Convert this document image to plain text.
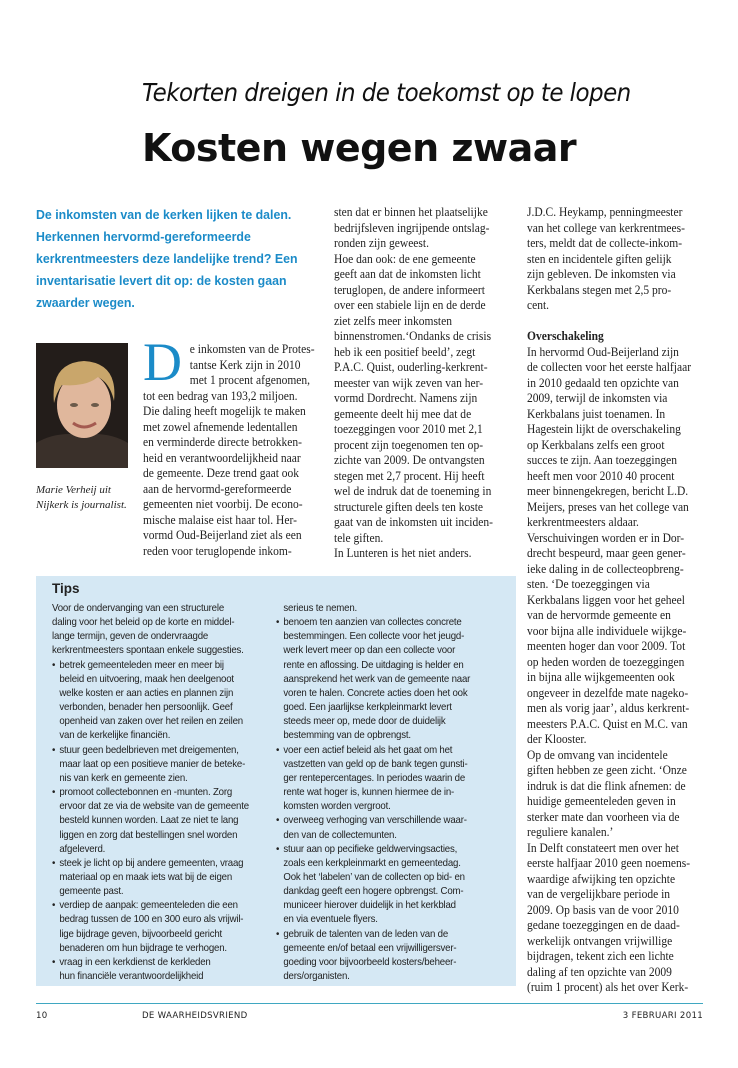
Tekorten dreigen in de toekomst op te lopen
Kosten wegen zwaar
De inkomsten van de kerken lijken te dalen.
Herkennen hervormd-gereformeerde
kerkrentmeesters deze landelijke trend? Een
inventarisatie levert dit op: de kosten gaan
zwaarder wegen.
Marie Verheij uit
Nijkerk is journalist.
D e inkomsten van de Protes-
tantse Kerk zijn in 2010
met 1 procent afgenomen,
tot een bedrag van 193,2 miljoen.
Die daling heeft mogelijk te maken
met zowel afnemende ledentallen
en verminderde directe betrokken-
heid en verantwoordelijkheid naar
de gemeente. Deze trend gaat ook
aan de hervormd-gereformeerde
gemeenten niet voorbij. De econo-
mische malaise eist haar tol. Her-
vormd Oud-Beijerland ziet als een
reden voor teruglopende inkom-
sten dat er binnen het plaatselijke
bedrijfsleven ingrijpende ontslag-
ronden zijn geweest.
Hoe dan ook: de ene gemeente
geeft aan dat de inkomsten licht
teruglopen, de andere informeert
over een stabiele lijn en de derde
ziet zelfs meer inkomsten
binnenstromen.‘Ondanks de crisis
heb ik een positief beeld’, zegt
P.A.C. Quist, ouderling-kerkrent-
meester van wijk zeven van her-
vormd Dordrecht. Namens zijn
gemeente deelt hij mee dat de
toezeggingen voor 2010 met 2,1
procent zijn toegenomen ten op-
zichte van 2009. De ontvangsten
stegen met 2,7 procent. Hij heeft
wel de indruk dat de toeneming in
structurele giften deels ten koste
gaat van de inkomsten uit inciden-
tele giften.
In Lunteren is het niet anders.
J.D.C. Heykamp, penningmeester
van het college van kerkrentmees-
ters, meldt dat de collecte-inkom-
sten en incidentele giften gelijk
zijn gebleven. De inkomsten via
Kerkbalans stegen met 2,5 pro-
cent.
Overschakeling
In hervormd Oud-Beijerland zijn
de collecten voor het eerste halfjaar
in 2010 gedaald ten opzichte van
2009, terwijl de inkomsten via
Kerkbalans juist toenamen. In
Hagestein lijkt de overschakeling
op Kerkbalans zelfs een groot
succes te zijn. Aan toezeggingen
heeft men voor 2010 40 procent
meer binnengekregen, bericht L.D.
Meijers, preses van het college van
kerkrentmeesters aldaar.
Verschuivingen worden er in Dor-
drecht bespeurd, maar geen gener-
ieke daling in de collecteopbreng-
sten. ‘De toezeggingen via
Kerkbalans liggen voor het geheel
van de hervormde gemeente en
voor bijna alle individuele wijkge-
meenten hoger dan voor 2009. Tot
op heden worden de toezeggingen
in bijna alle wijkgemeenten ook
ongeveer in dezelfde mate nageko-
men als vorig jaar’, aldus kerkrent-
meesters P.A.C. Quist en M.C. van
der Klooster.
Op de omvang van incidentele
giften hebben ze geen zicht. ‘Onze
indruk is dat die flink afnemen: de
huidige gemeenteleden geven in
sterker mate dan voorheen via de
reguliere kanalen.’
In Delft constateert men over het
eerste halfjaar 2010 geen noemens-
waardige afwijking ten opzichte
van de vergelijkbare periode in
2009. Op basis van de voor 2010
gedane toezeggingen en de daad-
werkelijk ontvangen vrijwillige
bijdragen, tekent zich een lichte
daling af ten opzichte van 2009
(ruim 1 procent) als het over Kerk-
Tips
Voor de ondervanging van een structurele
daling voor het beleid op de korte en middel-
lange termijn, geven de ondervraagde
kerkrentmeesters spontaan enkele suggesties.
• betrek gemeenteleden meer en meer bij
beleid en uitvoering, maak hen deelgenoot
welke kosten er aan acties en plannen zijn
verbonden, benader hen persoonlijk. Geef
openheid van zaken over het reilen en zeilen
van de kerkelijke financiën.
• stuur geen bedelbrieven met dreigementen,
maar laat op een positieve manier de beteke-
nis van kerk en gemeente zien.
• promoot collectebonnen en -munten. Zorg
ervoor dat ze via de website van de gemeente
besteld kunnen worden. Laat ze niet te lang
liggen en zorg dat bestellingen snel worden
afgeleverd.
• steek je licht op bij andere gemeenten, vraag
materiaal op en maak iets wat bij de eigen
gemeente past.
• verdiep de aanpak: gemeenteleden die een
bedrag tussen de 100 en 300 euro als vrijwil-
lige bijdrage geven, bijvoorbeeld gericht
benaderen om hun bijdrage te verhogen.
• vraag in een kerkdienst de kerkleden
hun financiële verantwoordelijkheid
serieus te nemen.
• benoem ten aanzien van collectes concrete
bestemmingen. Een collecte voor het jeugd-
werk levert meer op dan een collecte voor
rente en aflossing. De uitdaging is helder en
aansprekend het werk van de gemeente naar
voren te halen. Concrete acties doen het ook
goed. Een jaarlijkse kerkpleinmarkt levert
steeds meer op, mede door de duidelijk
bestemming van de opbrengst.
• voer een actief beleid als het gaat om het
vastzetten van geld op de bank tegen gunsti-
ger rentepercentages. In periodes waarin de
rente wat hoger is, kunnen hiermee de in-
komsten worden vergroot.
• overweeg verhoging van verschillende waar-
den van de collectemunten.
• stuur aan op pecifieke geldwervingsacties,
zoals een kerkpleinmarkt en gemeentedag.
Ook het ‘labelen’ van de collecten op bid- en
dankdag geeft een hogere opbrengst. Com-
municeer hierover duidelijk in het kerkblad
en via eventuele flyers.
• gebruik de talenten van de leden van de
gemeente en/of betaal een vrijwilligersver-
goeding voor bijvoorbeeld kosters/beheer-
ders/organisten.
10	DE WAARHEIDSVRIEND	3 FEBRUARI 2011
